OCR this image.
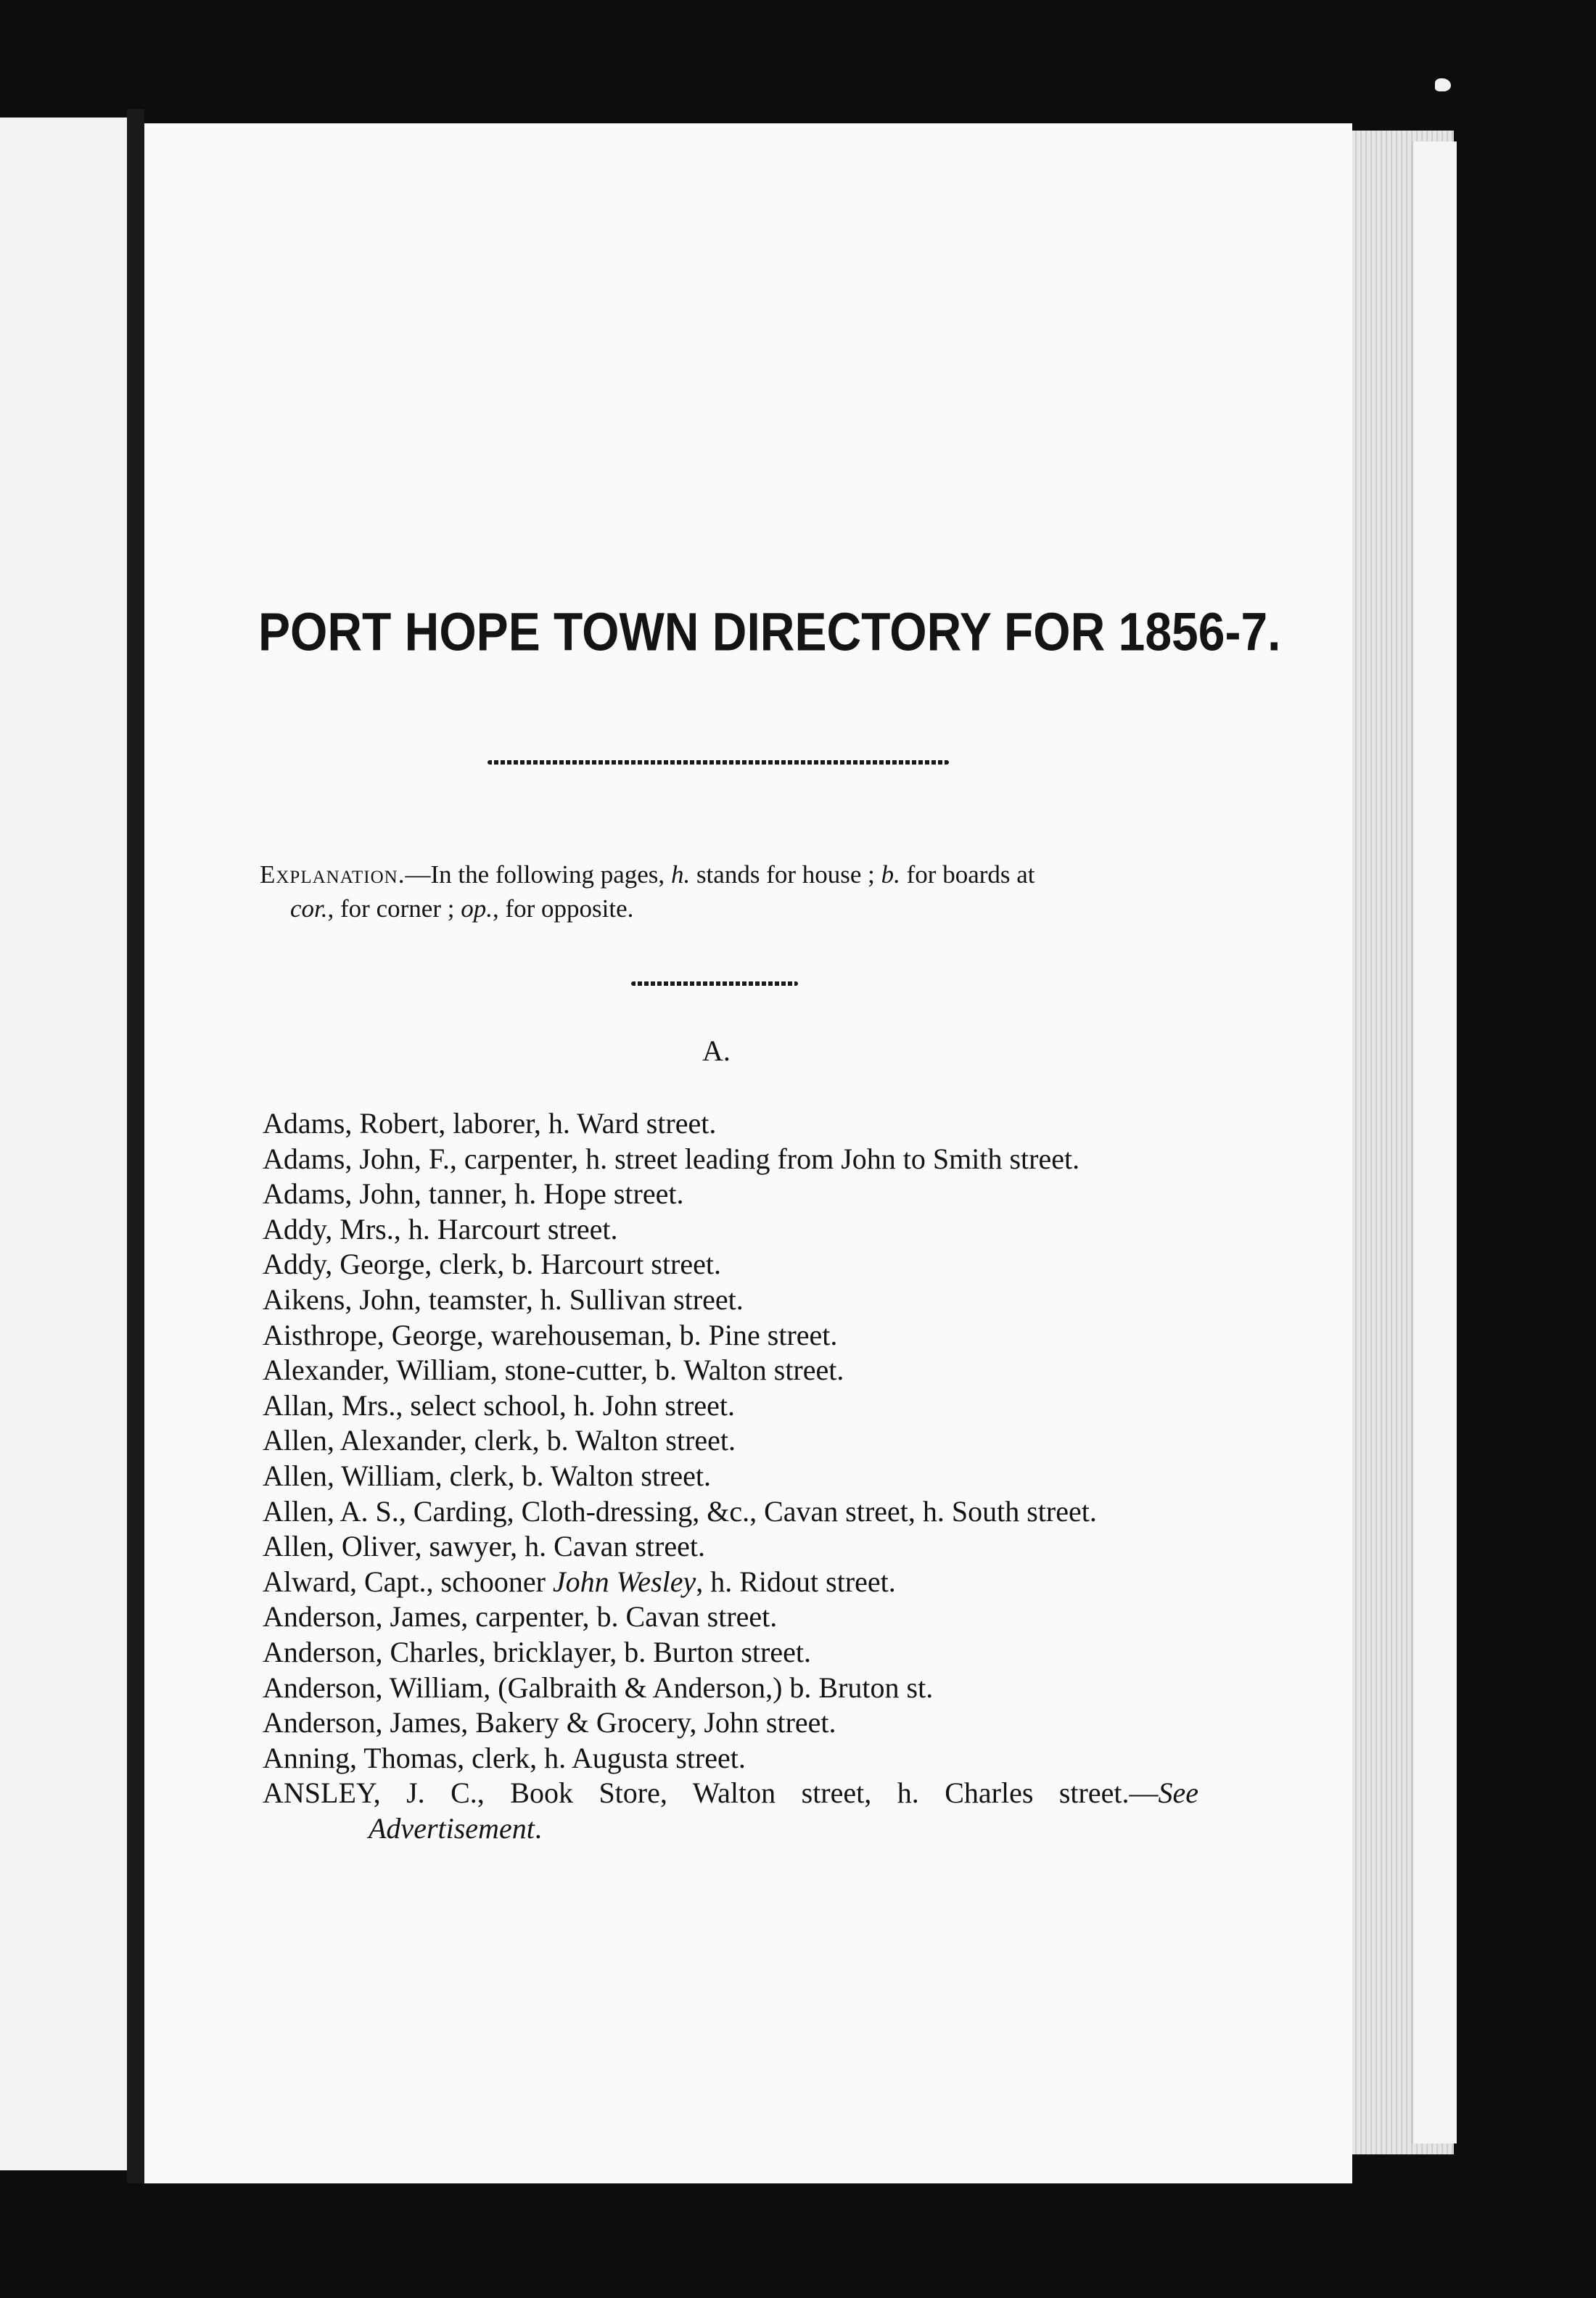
PORT HOPE TOWN DIRECTORY FOR 1856-7.
Explanation.—In the following pages, h. stands for house ; b. for boards at
cor., for corner ; op., for opposite.
A.
Adams, Robert, laborer, h. Ward street.
Adams, John, F., carpenter, h. street leading from John to Smith street.
Adams, John, tanner, h. Hope street.
Addy, Mrs., h. Harcourt street.
Addy, George, clerk, b. Harcourt street.
Aikens, John, teamster, h. Sullivan street.
Aisthrope, George, warehouseman, b. Pine street.
Alexander, William, stone-cutter, b. Walton street.
Allan, Mrs., select school, h. John street.
Allen, Alexander, clerk, b. Walton street.
Allen, William, clerk, b. Walton street.
Allen, A. S., Carding, Cloth-dressing, &c., Cavan street, h. South street.
Allen, Oliver, sawyer, h. Cavan street.
Alward, Capt., schooner John Wesley, h. Ridout street.
Anderson, James, carpenter, b. Cavan street.
Anderson, Charles, bricklayer, b. Burton street.
Anderson, William, (Galbraith & Anderson,) b. Bruton st.
Anderson, James, Bakery & Grocery, John street.
Anning, Thomas, clerk, h. Augusta street.
ANSLEY, J. C., Book Store, Walton street, h. Charles street.—See Advertisement.
